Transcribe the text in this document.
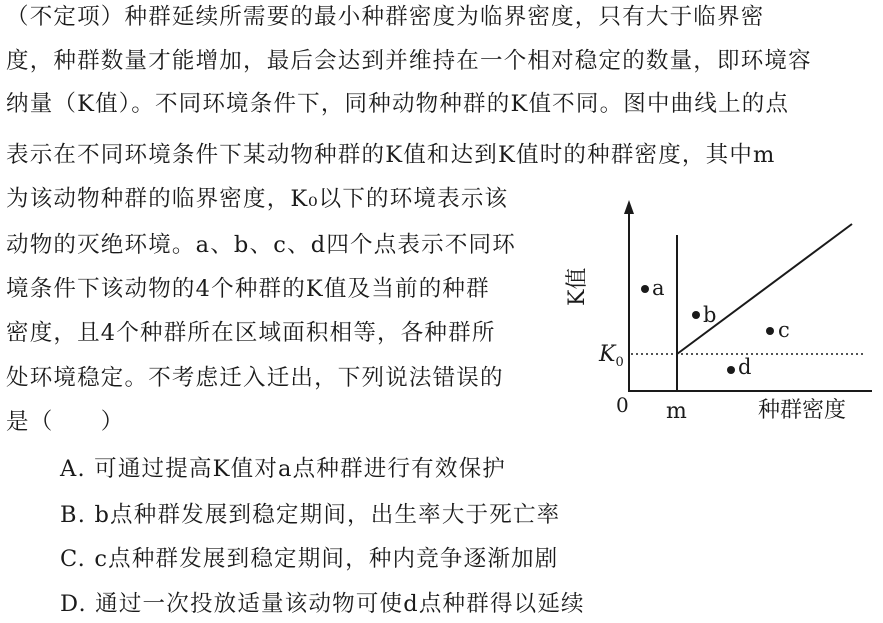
（不定项）种群延续所需要的最小种群密度为临界密度，只有大于临界密
度，种群数量才能增加，最后会达到并维持在一个相对稳定的数量，即环境容
纳量（K值）。不同环境条件下，同种动物种群的K值不同。图中曲线上的点
表示在不同环境条件下某动物种群的K值和达到K值时的种群密度，其中m
为该动物种群的临界密度，K₀以下的环境表示该
动物的灭绝环境。a、b、c、d四个点表示不同环
境条件下该动物的4个种群的K值及当前的种群
密度，且4个种群所在区域面积相等，各种群所
处环境稳定。不考虑迁入迁出，下列说法错误的
是（　　）
A. 可通过提高K值对a点种群进行有效保护
B. b点种群发展到稳定期间，出生率大于死亡率
C. c点种群发展到稳定期间，种内竞争逐渐加剧
D. 通过一次投放适量该动物可使d点种群得以延续
K值
种群密度
0 m
$K_0$
a
b
c
d
